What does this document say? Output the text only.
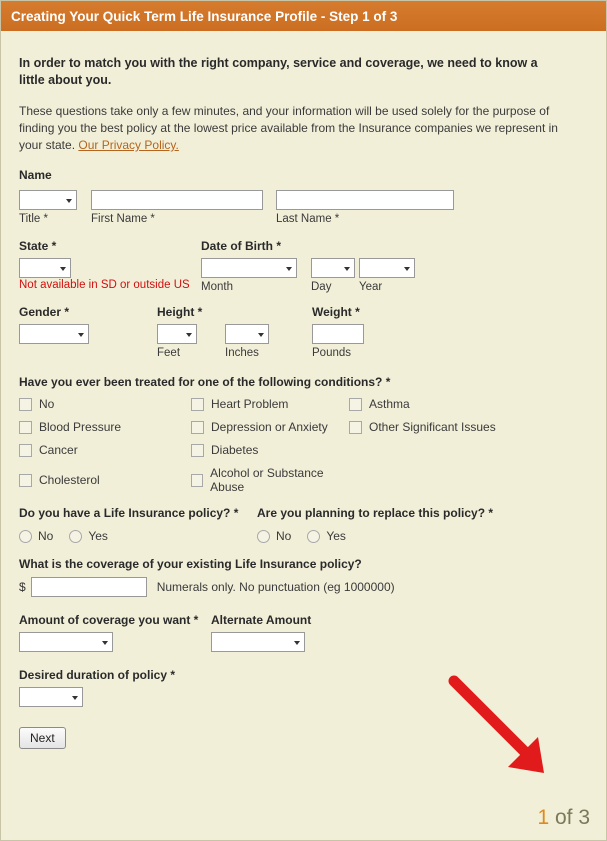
Creating Your Quick Term Life Insurance Profile - Step 1 of 3
In order to match you with the right company, service and coverage, we need to know a little about you.
These questions take only a few minutes, and your information will be used solely for the purpose of finding you the best policy at the lowest price available from the Insurance companies we represent in your state. Our Privacy Policy.
Name
Title *	First Name *	Last Name *
State *
Not available in SD or outside US
Date of Birth *
Month	Day	Year
Gender *	Height *
Feet	Inches
Weight *
Pounds
Have you ever been treated for one of the following conditions? *
No	Heart Problem	Asthma
Blood Pressure	Depression or Anxiety	Other Significant Issues
Cancer	Diabetes
Cholesterol	Alcohol or Substance Abuse
Do you have a Life Insurance policy? *
No	Yes
Are you planning to replace this policy? *
No	Yes
What is the coverage of your existing Life Insurance policy?
$	Numerals only. No punctuation (eg 1000000)
Amount of coverage you want *	Alternate Amount
Desired duration of policy *
Next
1 of 3
